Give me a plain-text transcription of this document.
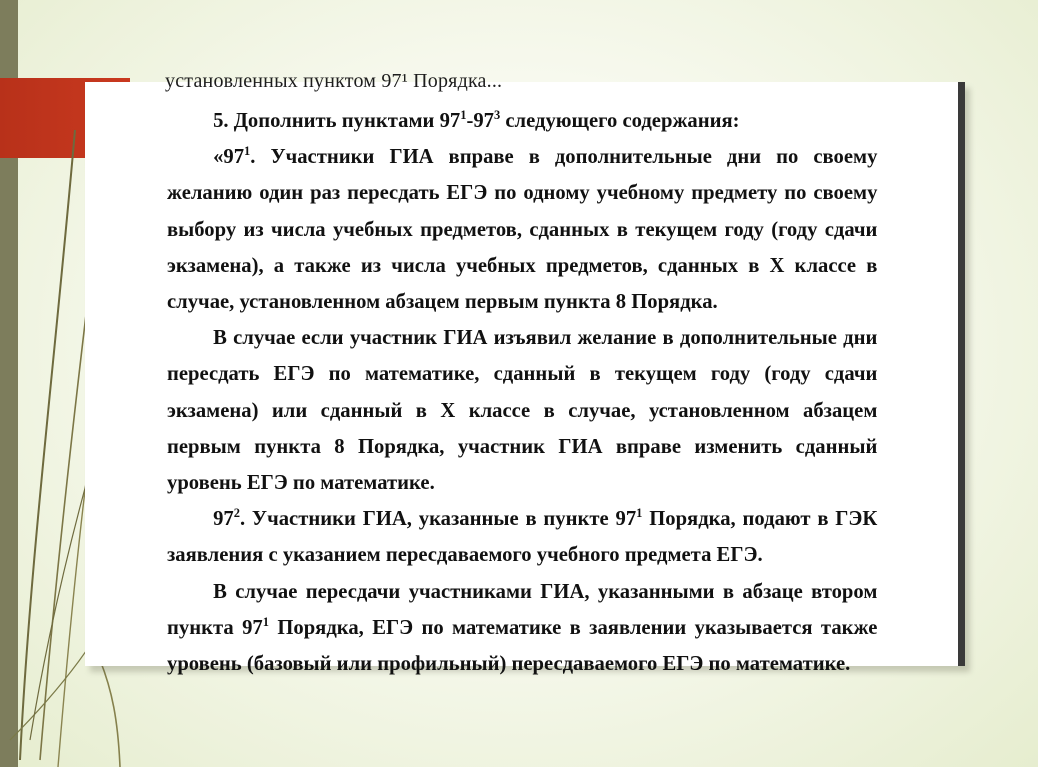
установленных пунктом 97¹ Порядка...

5. Дополнить пунктами $97^1-97^3$ следующего содержания:

«$97^1$. Участники ГИА вправе в дополнительные дни по своему желанию один раз пересдать ЕГЭ по одному учебному предмету по своему выбору из числа учебных предметов, сданных в текущем году (году сдачи экзамена), а также из числа учебных предметов, сданных в X классе в случае, установленном абзацем первым пункта 8 Порядка.

В случае если участник ГИА изъявил желание в дополнительные дни пересдать ЕГЭ по математике, сданный в текущем году (году сдачи экзамена) или сданный в X классе в случае, установленном абзацем первым пункта 8 Порядка, участник ГИА вправе изменить сданный уровень ЕГЭ по математике.

$97^2$. Участники ГИА, указанные в пункте $97^1$ Порядка, подают в ГЭК заявления с указанием пересдаваемого учебного предмета ЕГЭ.

В случае пересдачи участниками ГИА, указанными в абзаце втором пункта $97^1$ Порядка, ЕГЭ по математике в заявлении указывается также уровень (базовый или профильный) пересдаваемого ЕГЭ по математике.
